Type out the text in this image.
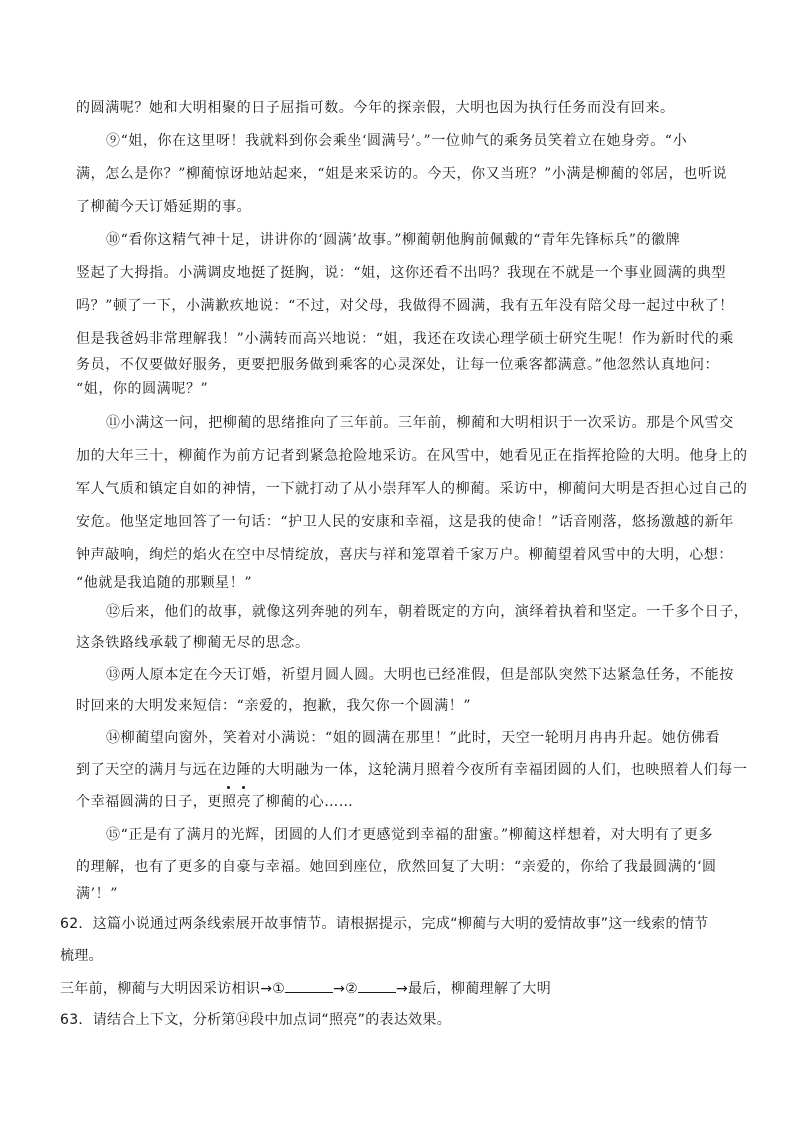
的圆满呢？她和大明相聚的日子屈指可数。今年的探亲假，大明也因为执行任务而没有回来。
⑨“姐，你在这里呀！我就料到你会乘坐‘圆满号’。”一位帅气的乘务员笑着立在她身旁。“小
满，怎么是你？”柳蔺惊讶地站起来，“姐是来采访的。今天，你又当班？”小满是柳蔺的邻居，也听说
了柳蔺今天订婚延期的事。
⑩“看你这精气神十足，讲讲你的‘圆满’故事。”柳蔺朝他胸前佩戴的“青年先锋标兵”的徽牌
竖起了大拇指。小满调皮地挺了挺胸，说：“姐，这你还看不出吗？我现在不就是一个事业圆满的典型
吗？”顿了一下，小满歉疚地说：“不过，对父母，我做得不圆满，我有五年没有陪父母一起过中秋了！
但是我爸妈非常理解我！”小满转而高兴地说：“姐，我还在攻读心理学硕士研究生呢！作为新时代的乘
务员，不仅要做好服务，更要把服务做到乘客的心灵深处，让每一位乘客都满意。”他忽然认真地问：
“姐，你的圆满呢？”
⑪小满这一问，把柳蔺的思绪推向了三年前。三年前，柳蔺和大明相识于一次采访。那是个风雪交
加的大年三十，柳蔺作为前方记者到紧急抢险地采访。在风雪中，她看见正在指挥抢险的大明。他身上的
军人气质和镇定自如的神情，一下就打动了从小崇拜军人的柳蔺。采访中，柳蔺问大明是否担心过自己的
安危。他坚定地回答了一句话：“护卫人民的安康和幸福，这是我的使命！”话音刚落，悠扬激越的新年
钟声敲响，绚烂的焰火在空中尽情绽放，喜庆与祥和笼罩着千家万户。柳蔺望着风雪中的大明，心想：
“他就是我追随的那颗星！”
⑫后来，他们的故事，就像这列奔驰的列车，朝着既定的方向，演绎着执着和坚定。一千多个日子，
这条铁路线承载了柳蔺无尽的思念。
⑬两人原本定在今天订婚，祈望月圆人圆。大明也已经准假，但是部队突然下达紧急任务，不能按
时回来的大明发来短信：“亲爱的，抱歉，我欠你一个圆满！”
⑭柳蔺望向窗外，笑着对小满说：“姐的圆满在那里！”此时，天空一轮明月冉冉升起。她仿佛看
到了天空的满月与远在边陲的大明融为一体，这轮满月照着今夜所有幸福团圆的人们，也映照着人们每一
个幸福圆满的日子，更
照亮了柳蔺的心……
⑮“正是有了满月的光辉，团圆的人们才更感觉到幸福的甜蜜。”柳蔺这样想着，对大明有了更多
的理解，也有了更多的自豪与幸福。她回到座位，欣然回复了大明：“亲爱的，你给了我最圆满的‘圆
满’！”
62．这篇小说通过两条线索展开故事情节。请根据提示，完成“柳蔺与大明的爱情故事”这一线索的情节
梳理。
三年前，柳蔺与大明因采访相识→①	→②	→最后，柳蔺理解了大明
63．请结合上下文，分析第⑭段中加点词“照亮”的表达效果。
